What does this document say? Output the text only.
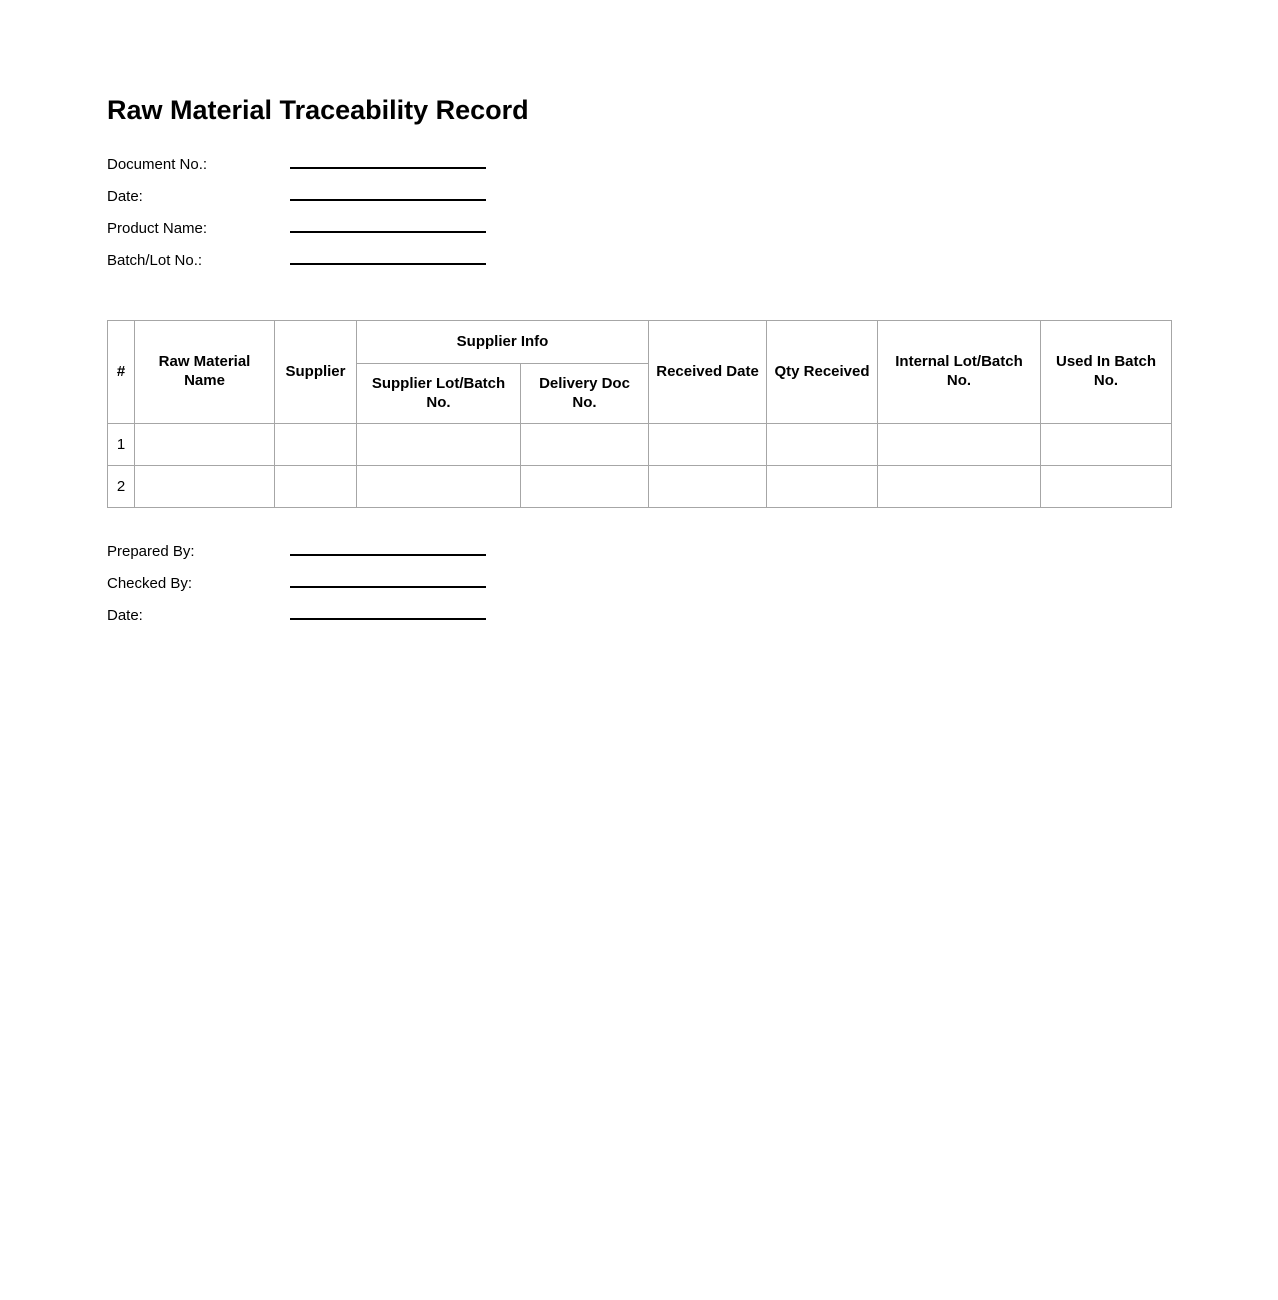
Raw Material Traceability Record
Document No.:
Date:
Product Name:
Batch/Lot No.:
#	Raw Material Name	Supplier	Supplier Info		Received Date	Qty Received	Internal Lot/Batch No.	Used In Batch No.
			Supplier Lot/Batch No.	Delivery Doc No.				
1								
2								
Prepared By:
Checked By:
Date:
